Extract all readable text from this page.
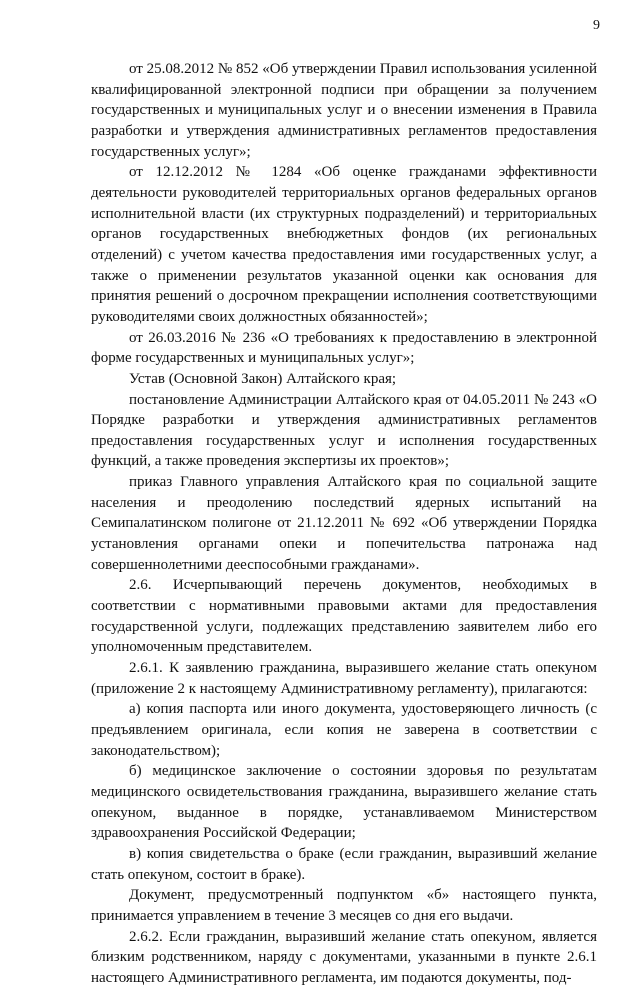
9

от 25.08.2012 № 852 «Об утверждении Правил использования усиленной квалифицированной электронной подписи при обращении за получением государственных и муниципальных услуг и о внесении изменения в Правила разработки и утверждения административных регламентов предоставления государственных услуг»;

от 12.12.2012 № 1284 «Об оценке гражданами эффективности деятельности руководителей территориальных органов федеральных органов исполнительной власти (их структурных подразделений) и территориальных органов государственных внебюджетных фондов (их региональных отделений) с учетом качества предоставления ими государственных услуг, а также о применении результатов указанной оценки как основания для принятия решений о досрочном прекращении исполнения соответствующими руководителями своих должностных обязанностей»;

от 26.03.2016 № 236 «О требованиях к предоставлению в электронной форме государственных и муниципальных услуг»;

Устав (Основной Закон) Алтайского края;

постановление Администрации Алтайского края от 04.05.2011 № 243 «О Порядке разработки и утверждения административных регламентов предоставления государственных услуг и исполнения государственных функций, а также проведения экспертизы их проектов»;

приказ Главного управления Алтайского края по социальной защите населения и преодолению последствий ядерных испытаний на Семипалатинском полигоне от 21.12.2011 № 692 «Об утверждении Порядка установления органами опеки и попечительства патронажа над совершеннолетними дееспособными гражданами».

2.6. Исчерпывающий перечень документов, необходимых в соответствии с нормативными правовыми актами для предоставления государственной услуги, подлежащих представлению заявителем либо его уполномоченным представителем.

2.6.1. К заявлению гражданина, выразившего желание стать опекуном (приложение 2 к настоящему Административному регламенту), прилагаются:

а) копия паспорта или иного документа, удостоверяющего личность (с предъявлением оригинала, если копия не заверена в соответствии с законодательством);

б) медицинское заключение о состоянии здоровья по результатам медицинского освидетельствования гражданина, выразившего желание стать опекуном, выданное в порядке, устанавливаемом Министерством здравоохранения Российской Федерации;

в) копия свидетельства о браке (если гражданин, выразивший желание стать опекуном, состоит в браке).

Документ, предусмотренный подпунктом «б» настоящего пункта, принимается управлением в течение 3 месяцев со дня его выдачи.

2.6.2. Если гражданин, выразивший желание стать опекуном, является близким родственником, наряду с документами, указанными в пункте 2.6.1 настоящего Административного регламента, им подаются документы, под-
